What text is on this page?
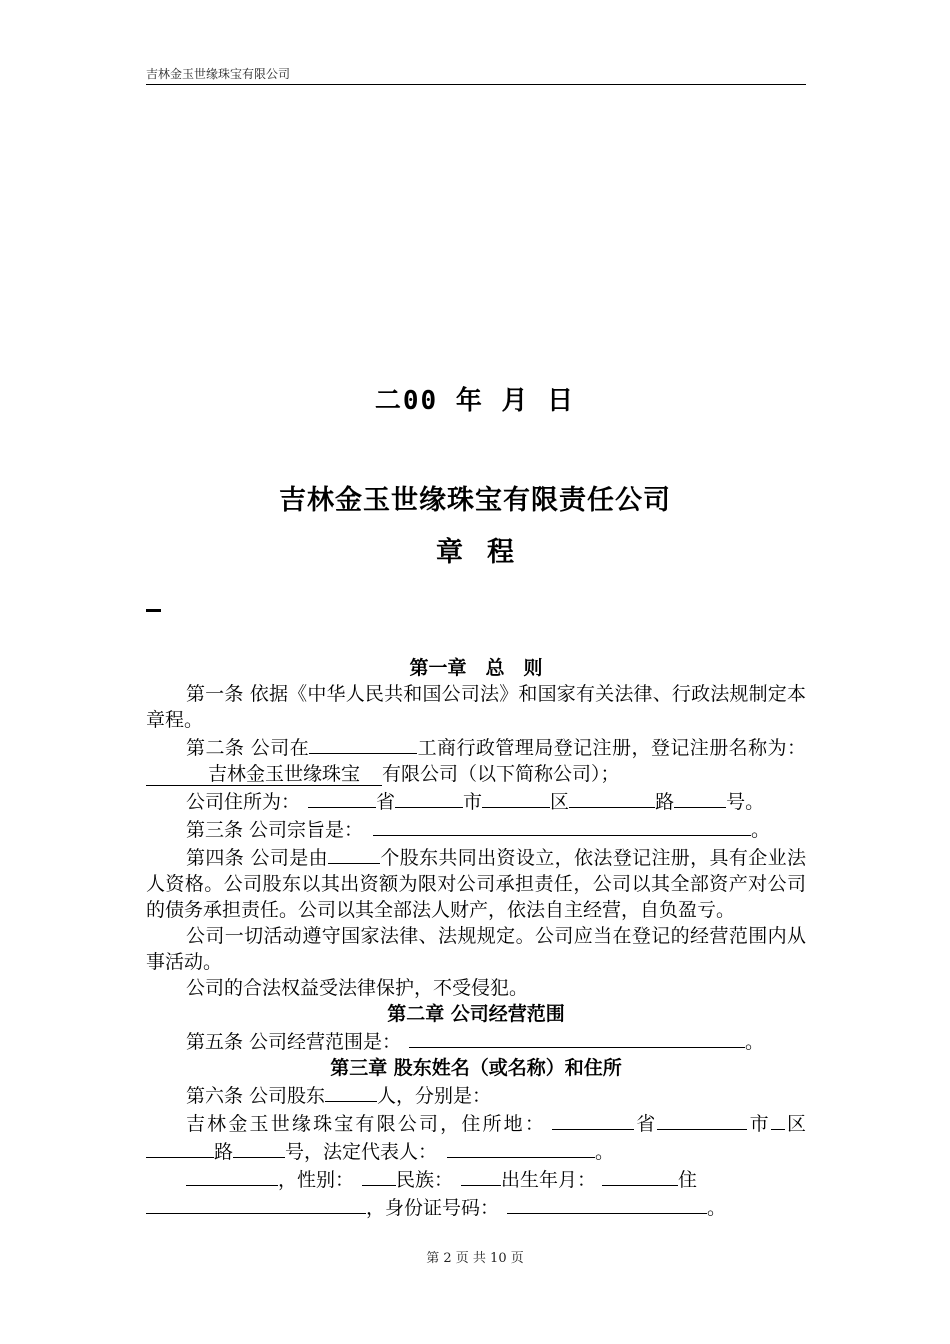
吉林金玉世缘珠宝有限公司
二00 年 月 日
吉林金玉世缘珠宝有限责任公司
章程
第一章　总　则

第一条 依据《中华人民共和国公司法》和国家有关法律、行政法规制定本章程。

第二条 公司在	工商行政管理局登记注册，登记注册名称为：吉林金玉世缘珠宝 有限公司（以下简称公司）；

公司住所为：	省	市	区	路	号。

第三条 公司宗旨是：	。

第四条 公司是由	个股东共同出资设立，依法登记注册，具有企业法人资格。公司股东以其出资额为限对公司承担责任，公司以其全部资产对公司的债务承担责任。公司以其全部法人财产，依法自主经营，自负盈亏。

公司一切活动遵守国家法律、法规规定。公司应当在登记的经营范围内从事活动。

公司的合法权益受法律保护，不受侵犯。

第二章 公司经营范围

第五条 公司经营范围是：	。

第三章 股东姓名（或名称）和住所

第六条 公司股东	人，分别是：

吉林金玉世缘珠宝有限公司，住所地：	省	市 区路	号，法定代表人：	。

，性别： 民族：	出生年月：	住

，身份证号码：	。

第 2 页 共 10 页
